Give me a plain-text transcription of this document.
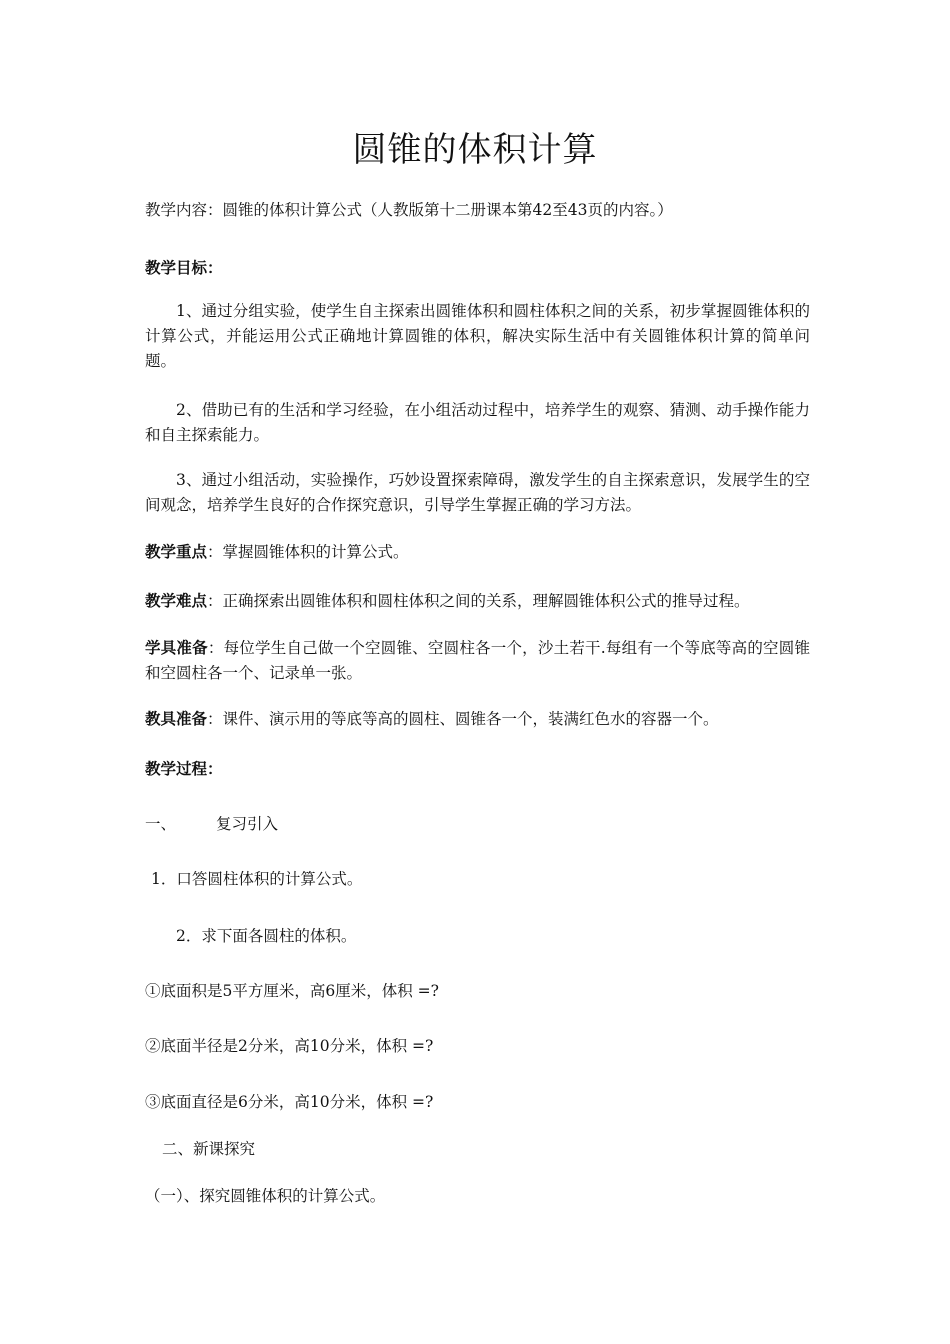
圆锥的体积计算
教学内容：圆锥的体积计算公式（人教版第十二册课本第42至43页的内容。）
教学目标：
1、通过分组实验，使学生自主探索出圆锥体积和圆柱体积之间的关系，初步掌握圆锥体积的计算公式，并能运用公式正确地计算圆锥的体积，解决实际生活中有关圆锥体积计算的简单问题。
2、借助已有的生活和学习经验，在小组活动过程中，培养学生的观察、猜测、动手操作能力和自主探索能力。
3、通过小组活动，实验操作，巧妙设置探索障碍，激发学生的自主探索意识，发展学生的空间观念，培养学生良好的合作探究意识，引导学生掌握正确的学习方法。
教学重点：掌握圆锥体积的计算公式。
教学难点：正确探索出圆锥体积和圆柱体积之间的关系，理解圆锥体积公式的推导过程。
学具准备：每位学生自己做一个空圆锥、空圆柱各一个，沙土若干.每组有一个等底等高的空圆锥和空圆柱各一个、记录单一张。
教具准备：课件、演示用的等底等高的圆柱、圆锥各一个，装满红色水的容器一个。
教学过程：
一、	复习引入
1．口答圆柱体积的计算公式。
2．求下面各圆柱的体积。
①底面积是5平方厘米，高6厘米，体积 =?
②底面半径是2分米，高10分米，体积 =?
③底面直径是6分米，高10分米，体积 =?
二、新课探究
（一）、探究圆锥体积的计算公式。
